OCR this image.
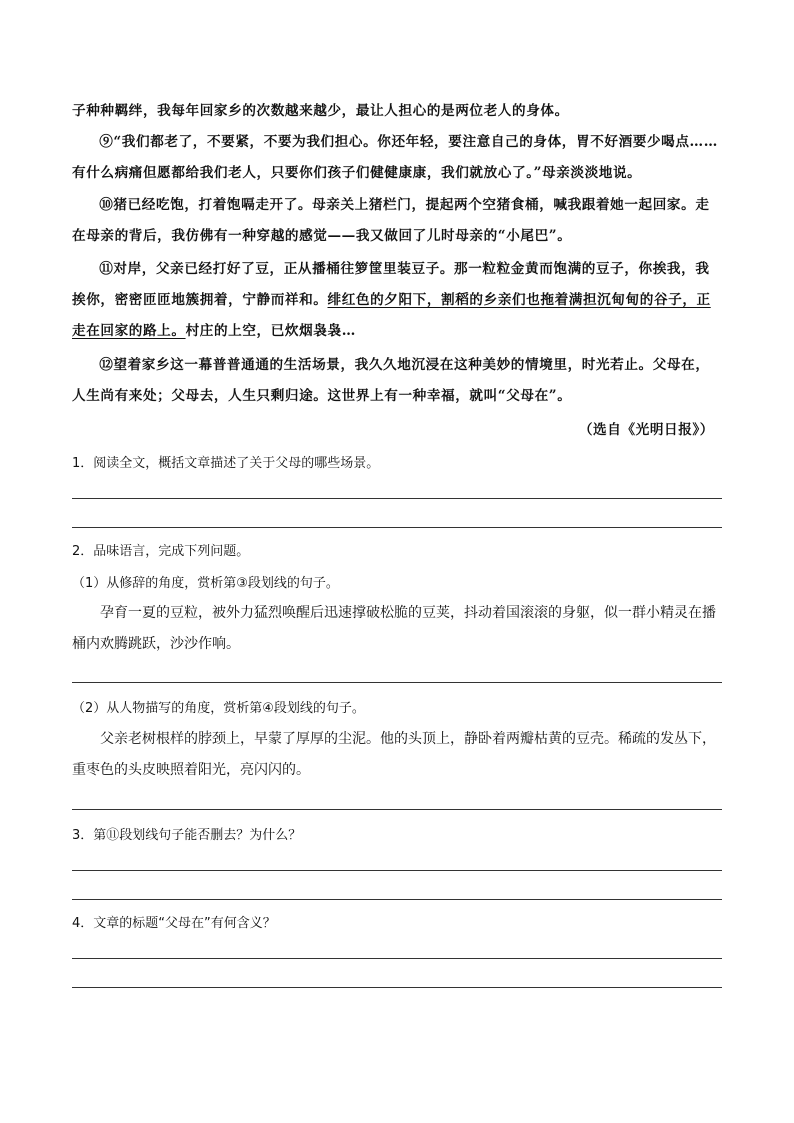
子种种羁绊，我每年回家乡的次数越来越少，最让人担心的是两位老人的身体。

⑨“我们都老了，不要紧，不要为我们担心。你还年轻，要注意自己的身体，胃不好酒要少喝点……有什么病痛但愿都给我们老人，只要你们孩子们健健康康，我们就放心了。”母亲淡淡地说。

⑩猪已经吃饱，打着饱嗝走开了。母亲关上猪栏门，提起两个空猪食桶，喊我跟着她一起回家。走在母亲的背后，我仿佛有一种穿越的感觉——我又做回了儿时母亲的“小尾巴”。

⑪对岸，父亲已经打好了豆，正从播桶往箩筐里装豆子。那一粒粒金黄而饱满的豆子，你挨我，我挨你，密密匝匝地簇拥着，宁静而祥和。绯红色的夕阳下，割稻的乡亲们也拖着满担沉甸甸的谷子，正走在回家的路上。村庄的上空，已炊烟袅袅…

⑫望着家乡这一幕普普通通的生活场景，我久久地沉浸在这种美妙的情境里，时光若止。父母在，人生尚有来处；父母去，人生只剩归途。这世界上有一种幸福，就叫“父母在”。

（选自《光明日报》）

1．阅读全文，概括文章描述了关于父母的哪些场景。

2．品味语言，完成下列问题。

（1）从修辞的角度，赏析第③段划线的句子。

孕育一夏的豆粒，被外力猛烈唤醒后迅速撑破松脆的豆荚，抖动着国滚滚的身躯，似一群小精灵在播桶内欢腾跳跃，沙沙作响。

（2）从人物描写的角度，赏析第④段划线的句子。

父亲老树根样的脖颈上，早蒙了厚厚的尘泥。他的头顶上，静卧着两瓣枯黄的豆壳。稀疏的发丛下，重枣色的头皮映照着阳光，亮闪闪的。

3．第⑪段划线句子能否删去？为什么？

4．文章的标题“父母在”有何含义？
